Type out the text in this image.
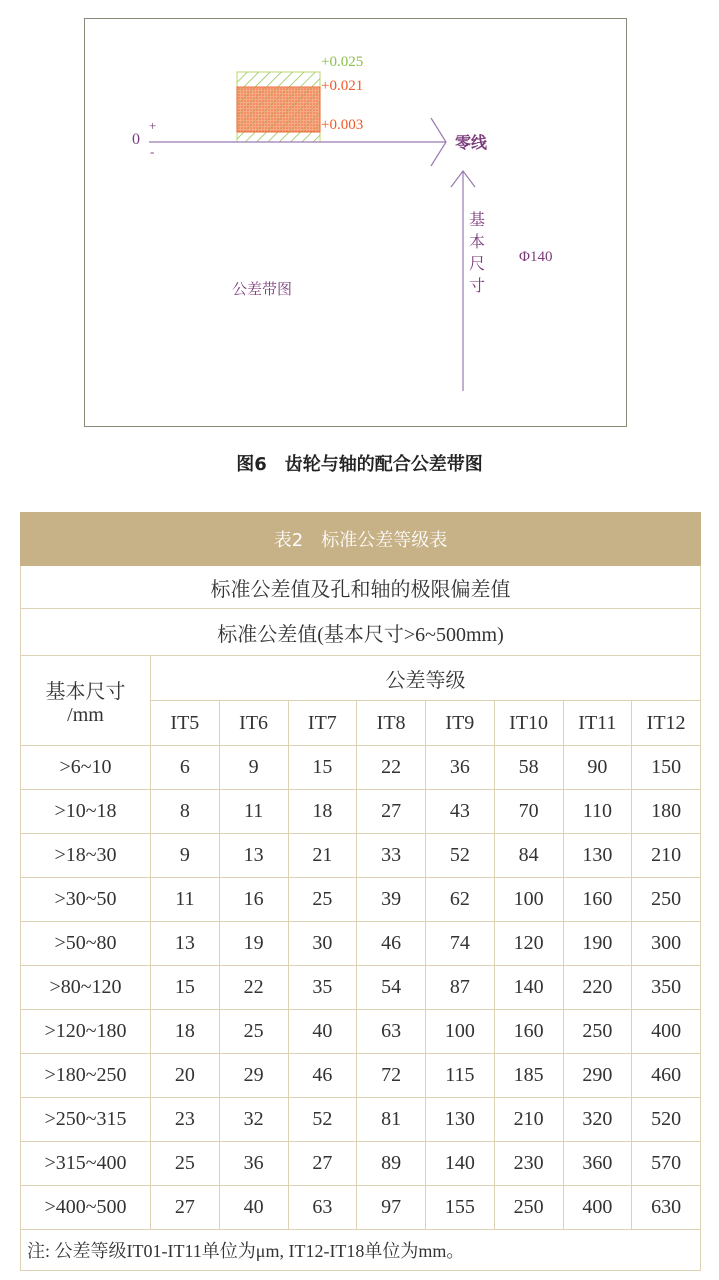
+0.025
+0.021
+0.003
0
+
-	零线
基本尺寸
Φ140
公差带图
图6　齿轮与轴的配合公差带图
表2　标准公差等级表								
标准公差值及孔和轴的极限偏差值								
标准公差值(基本尺寸>6~500mm)								

基本尺寸
/mm	公差等级							
	IT5	IT6	IT7	IT8	IT9	IT10	IT11	IT12
>6~10	6	9	15	22	36	58	90	150
>10~18	8	11	18	27	43	70	110	180
>18~30	9	13	21	33	52	84	130	210
>30~50	11	16	25	39	62	100	160	250
>50~80	13	19	30	46	74	120	190	300
>80~120	15	22	35	54	87	140	220	350
>120~180	18	25	40	63	100	160	250	400
>180~250	20	29	46	72	115	185	290	460
>250~315	23	32	52	81	130	210	320	520
>315~400	25	36	27	89	140	230	360	570
>400~500	27	40	63	97	155	250	400	630
注: 公差等级IT01-IT11单位为μm, IT12-IT18单位为mm。								
